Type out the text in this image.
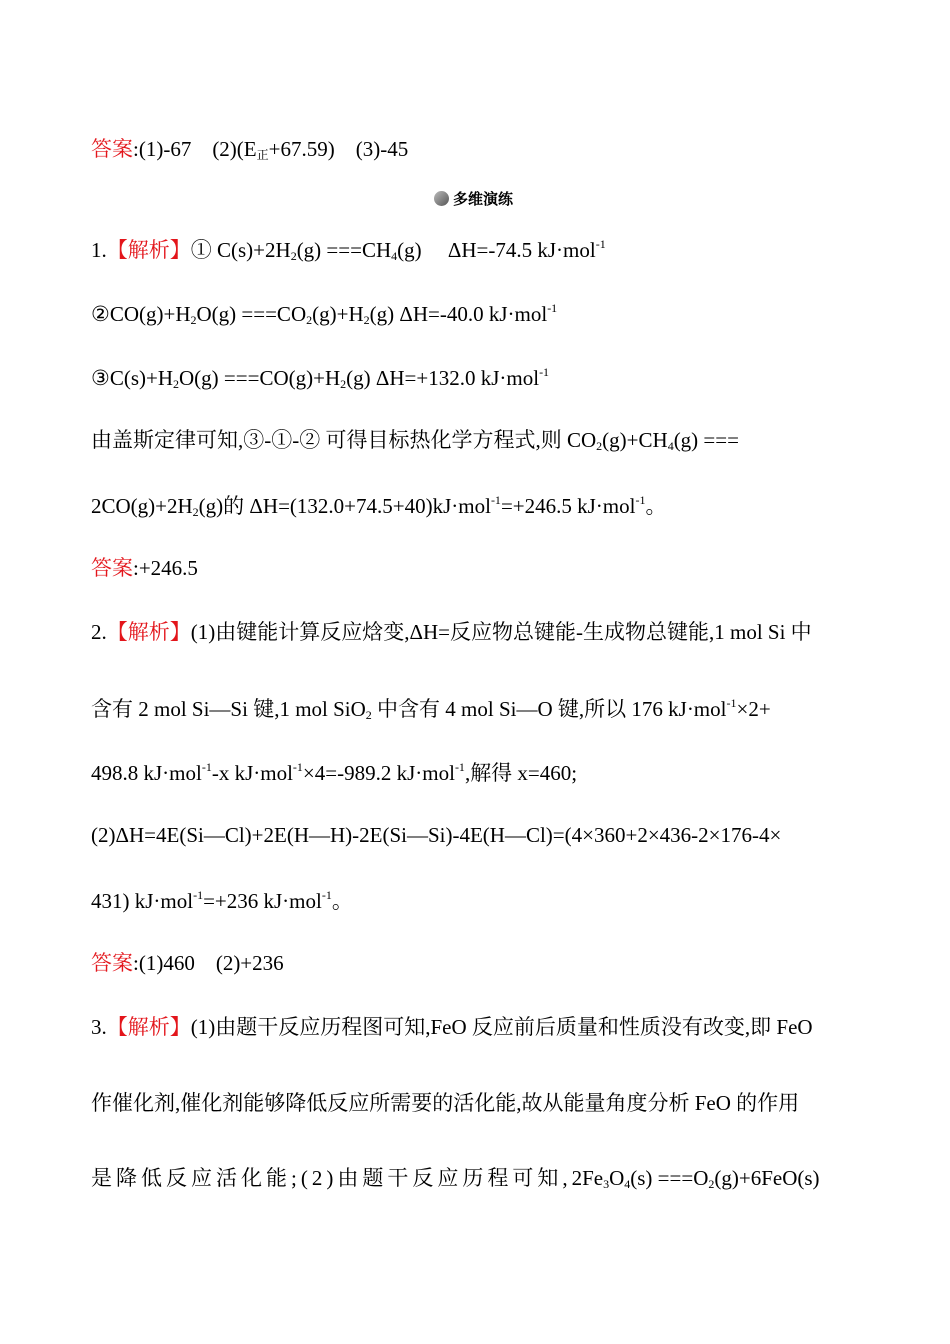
答案:(1)-67　$(2)(E_正+67.59)$　(3)-45
多维演练
1.【解析】① $C(s)+2H_2(g) ===CH_4(g)$　 ΔH=-74.5 kJ·mol$^{-1}$
$②CO(g)+H_2O(g) ===CO_2(g)+H_2(g)$ ΔH=-40.0 kJ·mol$^{-1}$
$③C(s)+H_2O(g) ===CO(g)+H_2(g)$ ΔH=+132.0 kJ·mol$^{-1}$
由盖斯定律可知,③-①-② 可得目标热化学方程式,则 $CO_2(g)+CH_4(g)$ ===
$2CO(g)+2H_2(g)$的 ΔH=(132.0+74.5+40)kJ·mol$^{-1}$=+246.5 kJ·mol$^{-1}$。
答案:+246.5
2.【解析】(1)由键能计算反应焓变,ΔH=反应物总键能-生成物总键能,1 mol Si 中
含有 2 mol Si—Si 键,1 mol SiO$_2$ 中含有 4 mol Si—O 键,所以 176 kJ·mol$^{-1}$×2+
498.8 kJ·mol$^{-1}$-x kJ·mol$^{-1}$×4=-989.2 kJ·mol$^{-1}$,解得 x=460;
(2)ΔH=4E(Si—Cl)+2E(H—H)-2E(Si—Si)-4E(H—Cl)=(4×360+2×436-2×176-4×
431) kJ·mol$^{-1}$=+236 kJ·mol$^{-1}$。
答案:(1)460　(2)+236
3.【解析】(1)由题干反应历程图可知,FeO 反应前后质量和性质没有改变,即 FeO
作催化剂,催化剂能够降低反应所需要的活化能,故从能量角度分析 FeO 的作用
是降低反应活化能;(2)由题干反应历程可知$,2Fe_3O_4(s) ===O_2(g)+6FeO(s)$
